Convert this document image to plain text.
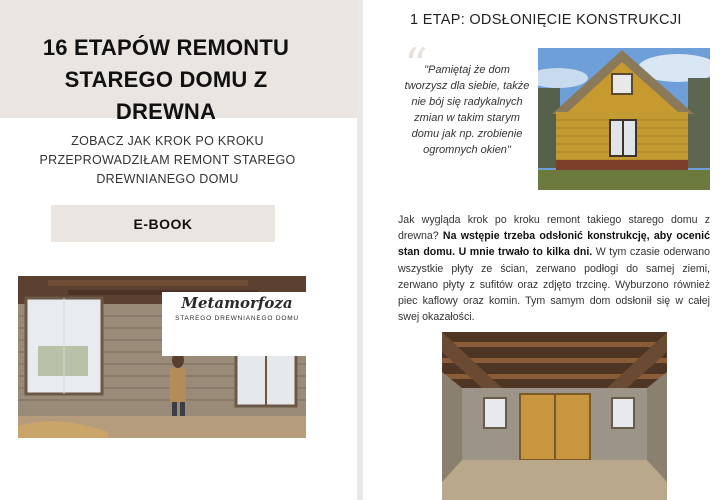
16 ETAPÓW REMONTU STAREGO DOMU Z DREWNA
ZOBACZ JAK KROK PO KROKU PRZEPROWADZIŁAM REMONT STAREGO DREWNIANEGO DOMU
E-BOOK
Metamorfoza
STAREGO DREWNIANEGO DOMU
1 ETAP: ODSŁONIĘCIE KONSTRUKCJI
“
"Pamiętaj że dom tworzysz dla siebie, także nie bój się radykalnych zmian w takim starym domu jak np. zrobienie ogromnych okien"
Jak wygląda krok po kroku remont takiego starego domu z drewna? Na wstępie trzeba odsłonić konstrukcję, aby ocenić stan domu. U mnie trwało to kilka dni. W tym czasie oderwano wszystkie płyty ze ścian, zerwano podłogi do samej ziemi, zerwano płyty z sufitów oraz zdjęto trzcinę. Wyburzono również piec kaflowy oraz komin. Tym samym dom odsłonił się w całej swej okazałości.
